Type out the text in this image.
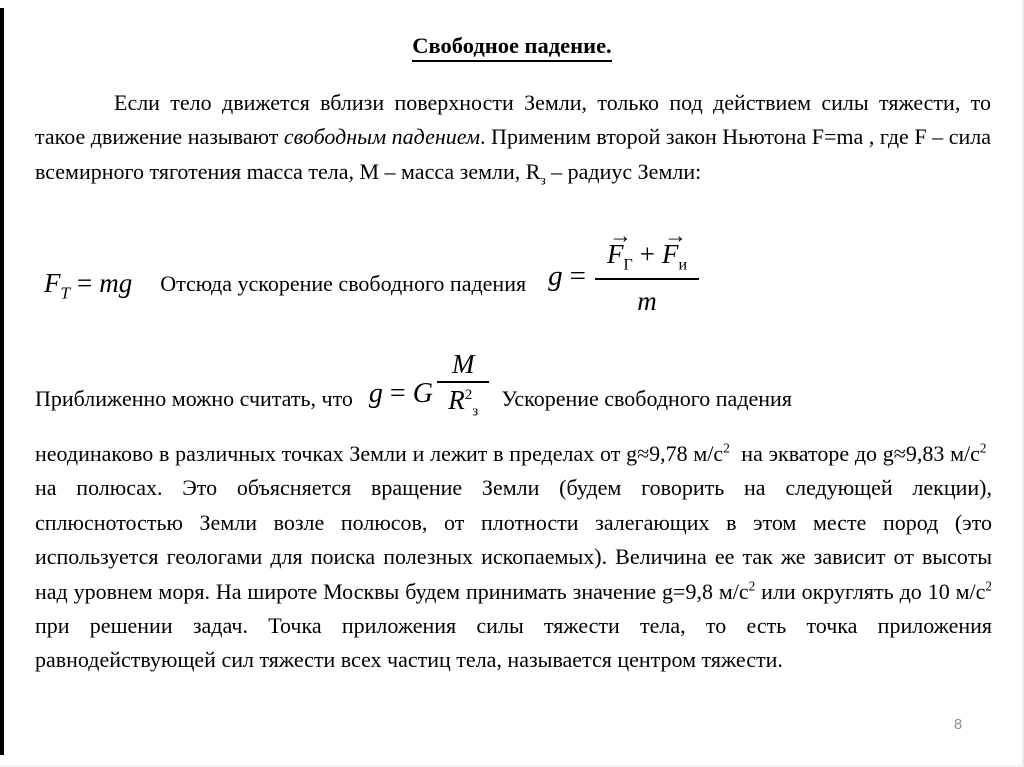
Свободное падение.

Если тело движется вблизи поверхности Земли, только под действием силы тяжести, то такое движение называют свободным падением. Применим второй закон Ньютона F=ma , где F – сила всемирного тяготения macca тела, М – масса земли, $R_з$ – радиус Земли:

$F_Т$ = mg Отсюда ускорение свободного падения g = →
$F_Г$ +
→
$F_и$
m
Приближенно можно считать, что g = G $\frac{M}{R^2_з}$ Ускорение свободного падения

неодинаково в различных точках Земли и лежит в пределах от g≈9,78 $м/с^2$  на экваторе до g≈9,83 $м/с^2$  на полюсах. Это объясняется вращение Земли (будем говорить на следующей лекции), сплюснотостью Земли возле полюсов, от плотности залегающих в этом месте пород (это используется геологами для поиска полезных ископаемых). Величина ее так же зависит от высоты над уровнем моря. На широте Москвы будем принимать значение g=9,8 $м/с^2$ или округлять до 10 $м/с^2$ при решении задач. Точка приложения силы тяжести тела, то есть точка приложения равнодействующей сил тяжести всех частиц тела, называется центром тяжести.

8
